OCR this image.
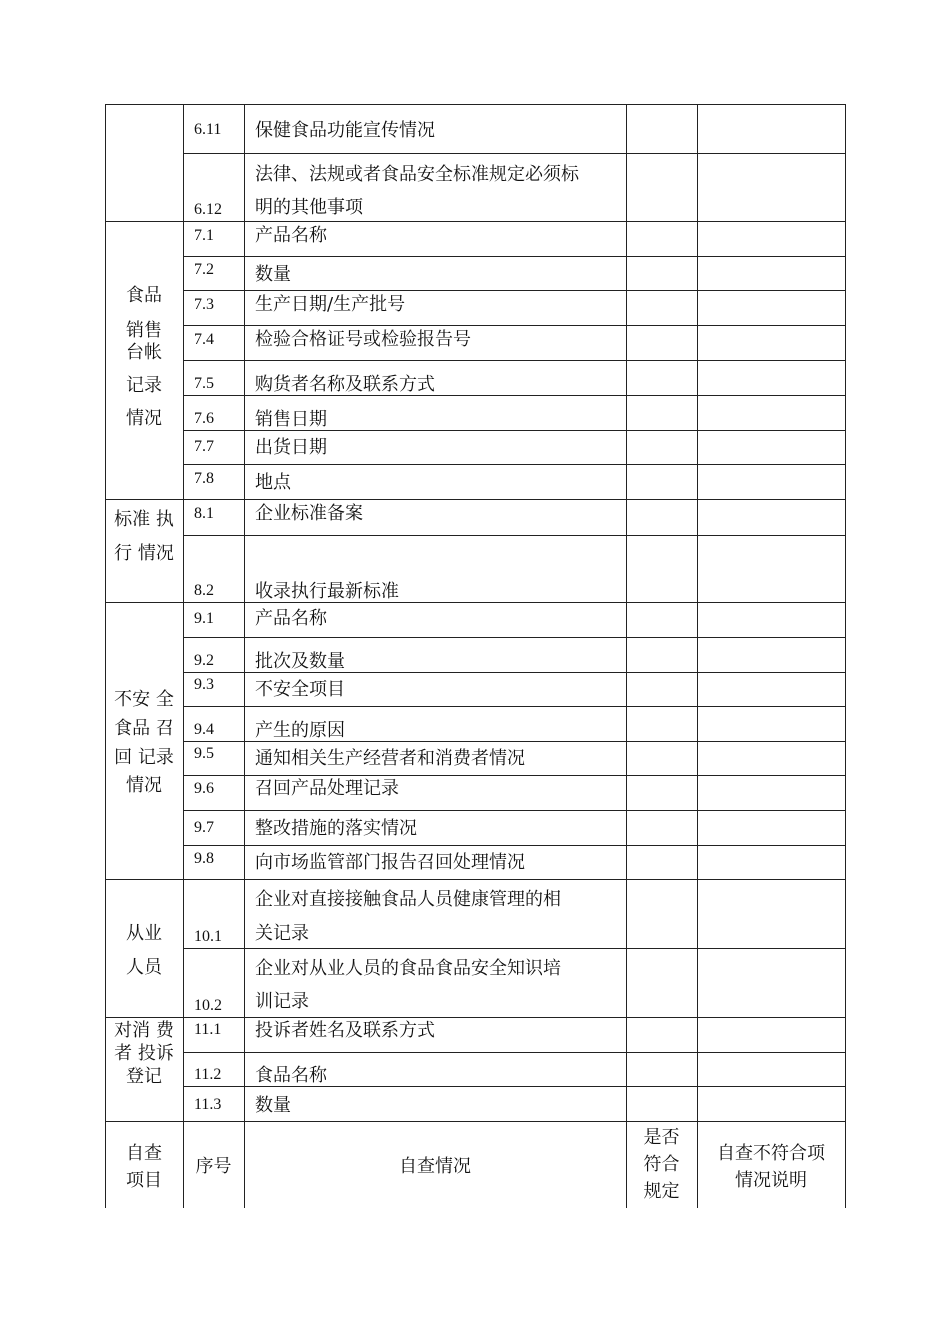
6.11 保健食品功能宣传情况
6.12
法律、法规或者食品安全标准规定必须标
明的其他事项
7.1 产品名称
7.2 数量
7.3 生产日期/生产批号
7.4 检验合格证号或检验报告号
7.5 购货者名称及联系方式
7.6 销售日期
7.7 出货日期
7.8 地点
食品
销售
台帐
记录
情况
8.1 企业标准备案
8.2 收录执行最新标准
标准 执
行 情况
9.1 产品名称
9.2 批次及数量
9.3 不安全项目
9.4 产生的原因
9.5 通知相关生产经营者和消费者情况
9.6 召回产品处理记录
9.7 整改措施的落实情况
9.8 向市场监管部门报告召回处理情况
不安 全
食品 召
回 记录
情况
10.1
企业对直接接触食品人员健康管理的相
关记录
10.2
企业对从业人员的食品食品安全知识培
训记录
从业
人员
11.1 投诉者姓名及联系方式
11.2 食品名称
11.3 数量
对消 费
者 投诉
登记
自查
项目
序号	自查情况
是否
符合
规定
自查不符合项
情况说明
